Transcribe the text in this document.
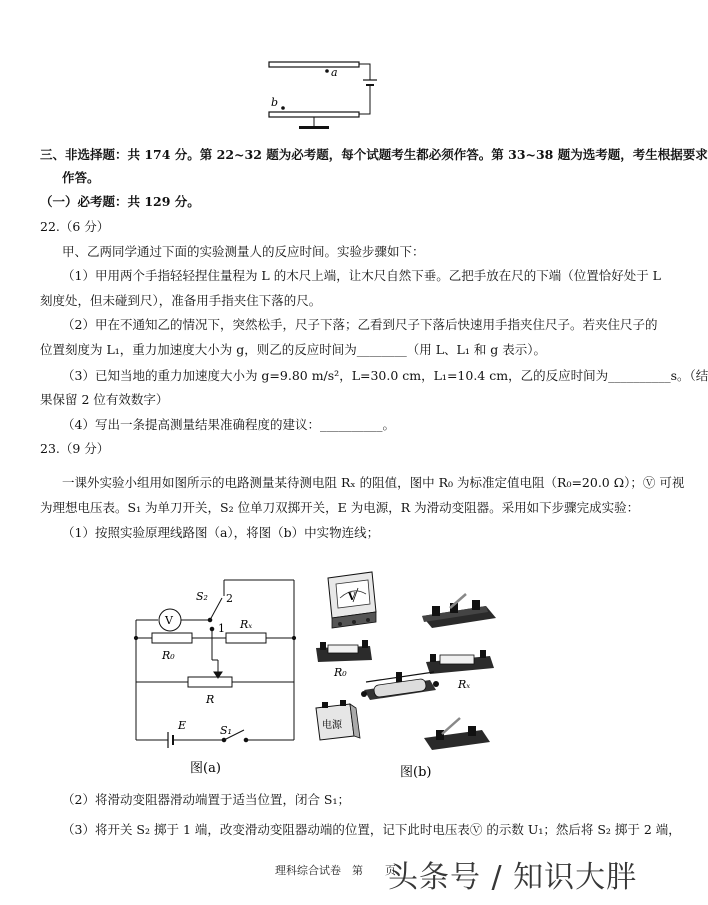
a
b
三、非选择题：共 174 分。第 22~32 题为必考题，每个试题考生都必须作答。第 33~38 题为选考题，考生根据要求
作答。
（一）必考题：共 129 分。
22.（6 分）
甲、乙两同学通过下面的实验测量人的反应时间。实验步骤如下：
（1）甲用两个手指轻轻捏住量程为 L 的木尺上端，让木尺自然下垂。乙把手放在尺的下端（位置恰好处于 L
刻度处，但未碰到尺），准备用手指夹住下落的尺。
（2）甲在不通知乙的情况下，突然松手，尺子下落；乙看到尺子下落后快速用手指夹住尺子。若夹住尺子的
位置刻度为 L₁，重力加速度大小为 g，则乙的反应时间为________（用 L、L₁ 和 g 表示）。
（3）已知当地的重力加速度大小为 g=9.80 m/s²，L=30.0 cm，L₁=10.4 cm，乙的反应时间为__________s。（结
果保留 2 位有效数字）
（4）写出一条提高测量结果准确程度的建议：__________。
23.（9 分）
一课外实验小组用如图所示的电路测量某待测电阻 Rₓ 的阻值，图中 R₀ 为标准定值电阻（R₀=20.0 Ω）；Ⓥ 可视
为理想电压表。S₁ 为单刀开关，S₂ 位单刀双掷开关，E 为电源，R 为滑动变阻器。采用如下步骤完成实验：
（1）按照实验原理线路图（a），将图（b）中实物连线；
V
S₂ 2
1 Rₓ
R₀
R
E	S₁
图(a)
V
R₀
Rₓ
电源
图(b)
（2）将滑动变阻器滑动端置于适当位置，闭合 S₁；
（3）将开关 S₂ 掷于 1 端，改变滑动变阻器动端的位置，记下此时电压表Ⓥ 的示数 U₁；然后将 S₂ 掷于 2 端，
理科综合试卷　第　　页
头条号 / 知识大胖
